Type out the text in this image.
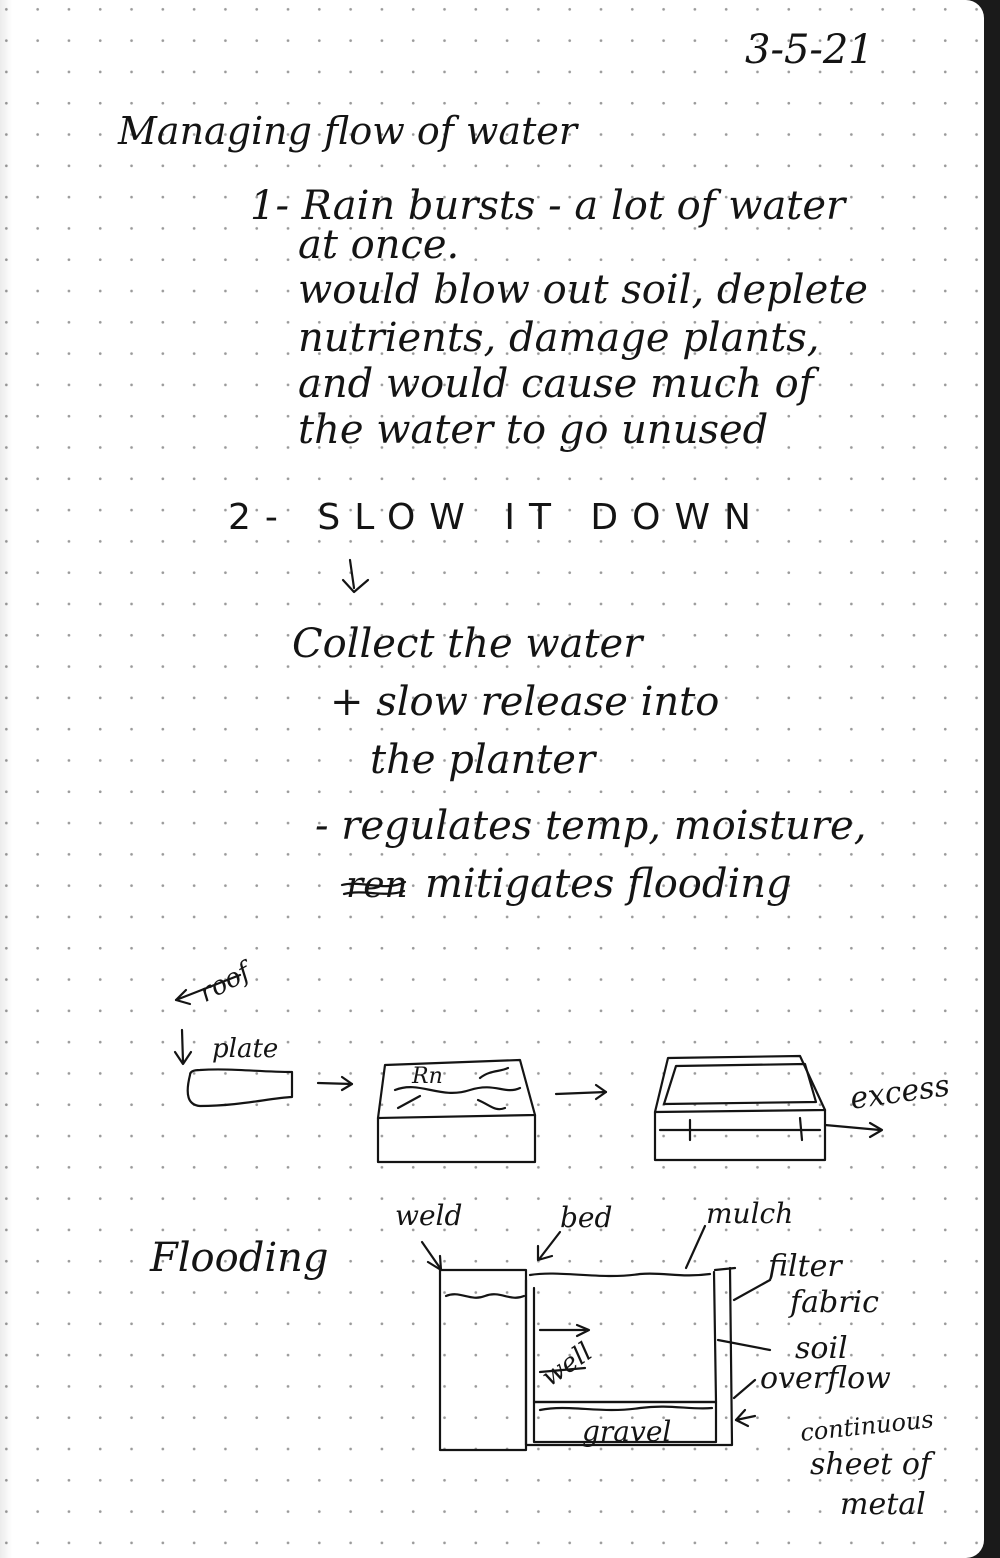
3-5-21
Managing flow of water
1- Rain bursts - a lot of water
at once.
would blow out soil, deplete
nutrients, damage plants,
and would cause much of
the water to go unused
2- SLOW IT DOWN
Collect the water
+ slow release into
the planter
- regulates temp, moisture,
ren mitigates flooding
roof
plate
Rn	excess
Flooding
weld	bed	mulch
filter
fabric
soil
overflow
well
gravel	continuous
sheet of
metal
